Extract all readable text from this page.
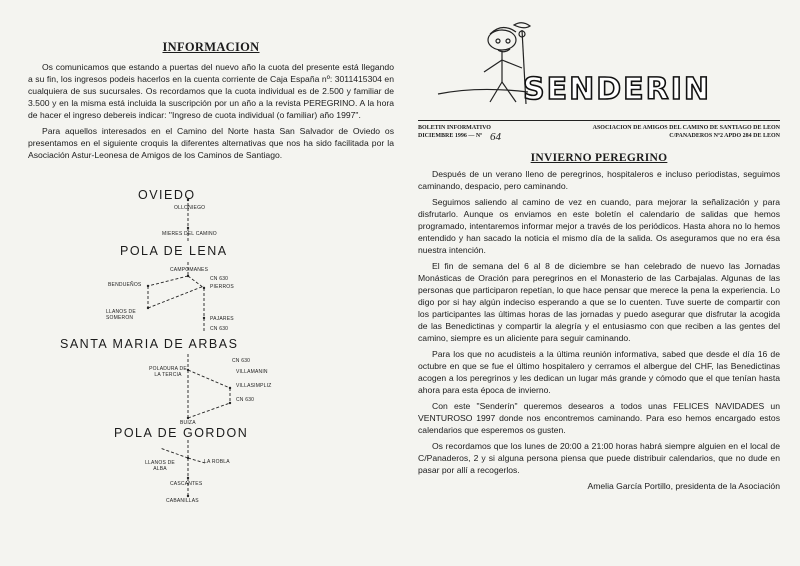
INFORMACION

Os comunicamos que estando a puertas del nuevo año la cuota del presente está llegando a su fin, los ingresos podeis hacerlos en la cuenta corriente de Caja España nº: 3011415304 en cualquiera de sus sucursales. Os recordamos que la cuota individual es de 2.500 y familiar de 3.500 y en la misma está incluida la suscripción por un año a la revista PEREGRINO. A la hora de hacer el ingreso debereis indicar: "Ingreso de cuota individual (o familiar) año 1997".

Para aquellos interesados en el Camino del Norte hasta San Salvador de Oviedo os presentamos en el siguiente croquis la diferentes alternativas que nos ha sido facilitada por la Asociación Astur-Leonesa de Amigos de los Caminos de Santiago.

OVIEDO
POLA DE LENA
SANTA MARIA DE ARBAS
POLA DE GORDON
OLLONIEGO
MIERES DEL CAMINO
CAMPOMANES
CN 630
BENDUEÑOS	PIERROS
LLANOS DE SOMERON	PAJARES
CN 630
CN 630
POLADURA DE LA TERCIA	VILLAMANIN
VILLASIMPLIZ
CN 630
BUIZA
LLANOS DE ALBA
LA ROBLA
CASCANTES
CABANILLAS
SENDERIN
BOLETIN INFORMATIVO
DICIEMBRE 1996 — Nº 64
ASOCIACION DE AMIGOS DEL CAMINO DE SANTIAGO DE LEON
C/PANADEROS Nº2 APDO 284 DE LEON
INVIERNO PEREGRINO

Después de un verano lleno de peregrinos, hospitaleros e incluso periodistas, seguimos caminando, despacio, pero caminando.

Seguimos saliendo al camino de vez en cuando, para mejorar la señalización y para disfrutarlo. Aunque os enviamos en este boletín el calendario de salidas que hemos programado, intentaremos informar mejor a través de los periódicos. Hasta ahora no lo hemos entendido y han sacado la noticia el mismo día de la salida. Os aseguramos que no era ésa nuestra intención.

El fin de semana del 6 al 8 de diciembre se han celebrado de nuevo las Jornadas Monásticas de Oración para peregrinos en el Monasterio de las Carbajalas. Algunas de las personas que participaron repetían, lo que hace pensar que merece la pena la experiencia. Lo digo por si hay algún indeciso esperando a que se lo cuenten. Tuve suerte de compartir con los participantes las últimas horas de las jornadas y puedo asegurar que disfrutar la acogida de las Benedictinas y compartir la alegría y el entusiasmo con que reciben a las gentes del camino, siempre es un aliciente para seguir caminando.

Para los que no acudisteis a la última reunión informativa, sabed que desde el día 16 de octubre en que se fue el último hospitalero y cerramos el albergue del CHF, las Benedictinas acogen a los peregrinos y les dedican un lugar más grande y cómodo que el que tenían hasta ahora para esta época de invierno.

Con este "Senderín" queremos desearos a todos unas FELICES NAVIDADES un VENTUROSO 1997 donde nos encontremos caminando. Para eso hemos encargado estos calendarios que esperemos os gusten.

Os recordamos que los lunes de 20:00 a 21:00 horas habrá siempre alguien en el local de C/Panaderos, 2 y si alguna persona piensa que puede distribuir calendarios, que no dude en pasar por allí a recogerlos.

Amelia García Portillo, presidenta de la Asociación
